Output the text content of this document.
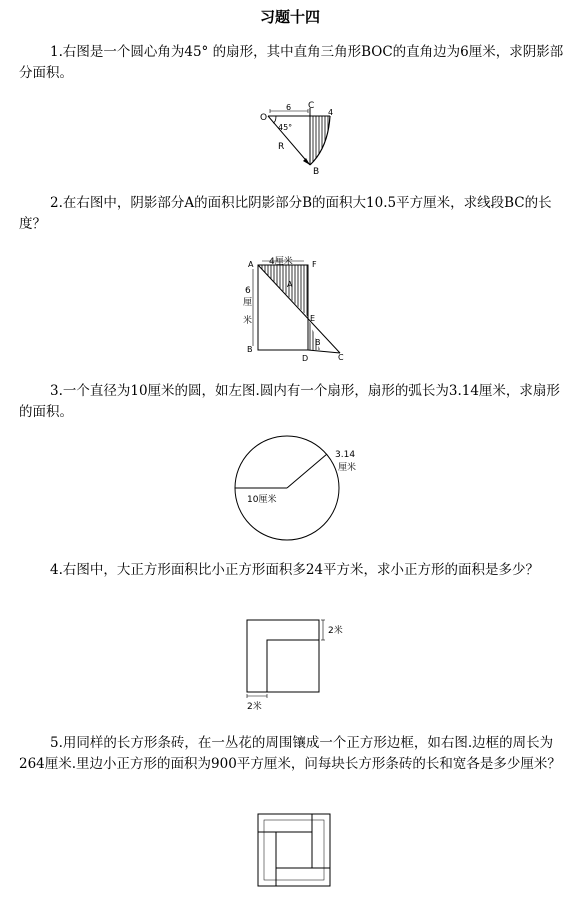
习题十四
1.右图是一个圆心角为45° 的扇形，其中直角三角形BOC的直角边为6厘米，求阴影部分面积。
O
C
B
R
6
4
45°
2.在右图中，阴影部分A的面积比阴影部分B的面积大10.5平方厘米，求线段BC的长度？
A	F
B
D	C
E
A
B
4厘米
6
厘
米
3.一个直径为10厘米的圆，如左图.圆内有一个扇形，扇形的弧长为3.14厘米，求扇形的面积。
3.14
厘米
10厘米
4.右图中，大正方形面积比小正方形面积多24平方米，求小正方形的面积是多少？
2米
2米
5.用同样的长方形条砖，在一丛花的周围镶成一个正方形边框，如右图.边框的周长为264厘米.里边小正方形的面积为900平方厘米，问每块长方形条砖的长和宽各是多少厘米？
